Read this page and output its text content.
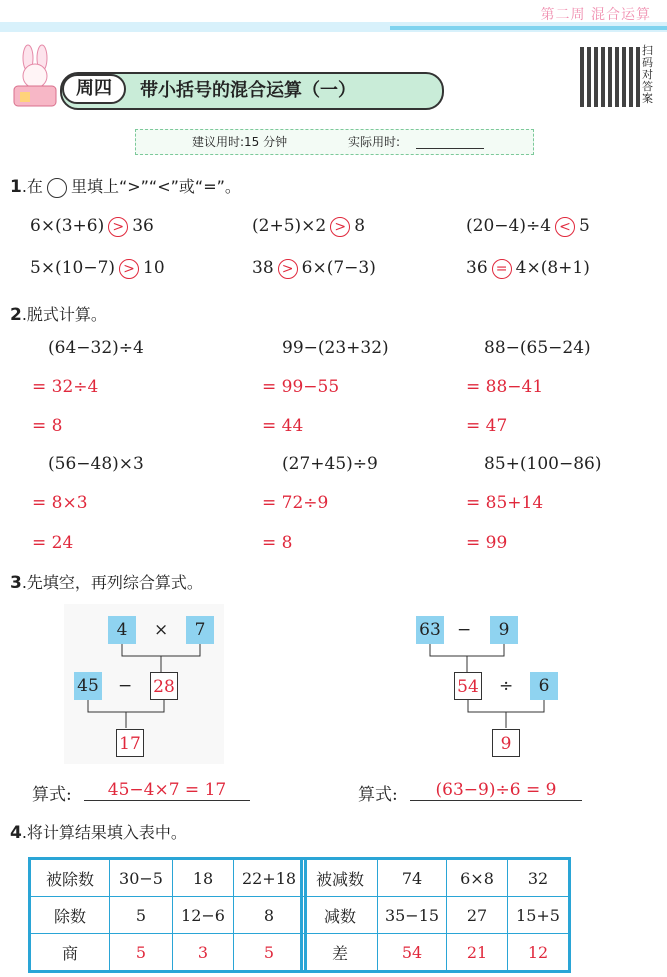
第二周 混合运算
周四	带小括号的混合运算（一）
扫码对答案
建议用时:15 分钟	实际用时:
1.在 里填上“>”“<”或“=”。
6×(3+6) > 36	(2+5)×2 > 8	(20−4)÷4 < 5
5×(10−7) > 10	38 > 6×(7−3)	36 = 4×(8+1)
2.脱式计算。
(64−32)÷4
= 32÷4
= 8
99−(23+32)
= 99−55
= 44
88−(65−24)
= 88−41
= 47
(56−48)×3
= 8×3
= 24
(27+45)÷9
= 72÷9
= 8
85+(100−86)
= 85+14
= 99
3.先填空，再列综合算式。
4	×	7
45 − 28
17
63 −	9
54 ÷	6
9
算式:	45−4×7 = 17	算式:	(63−9)÷6 = 9
4.将计算结果填入表中。
被除数	30−5	18	22+18
除数	5	12−6	8
商	5	3	5
被减数	74	6×8	32
减数	35−15	27	15+5
差	54	21	12
